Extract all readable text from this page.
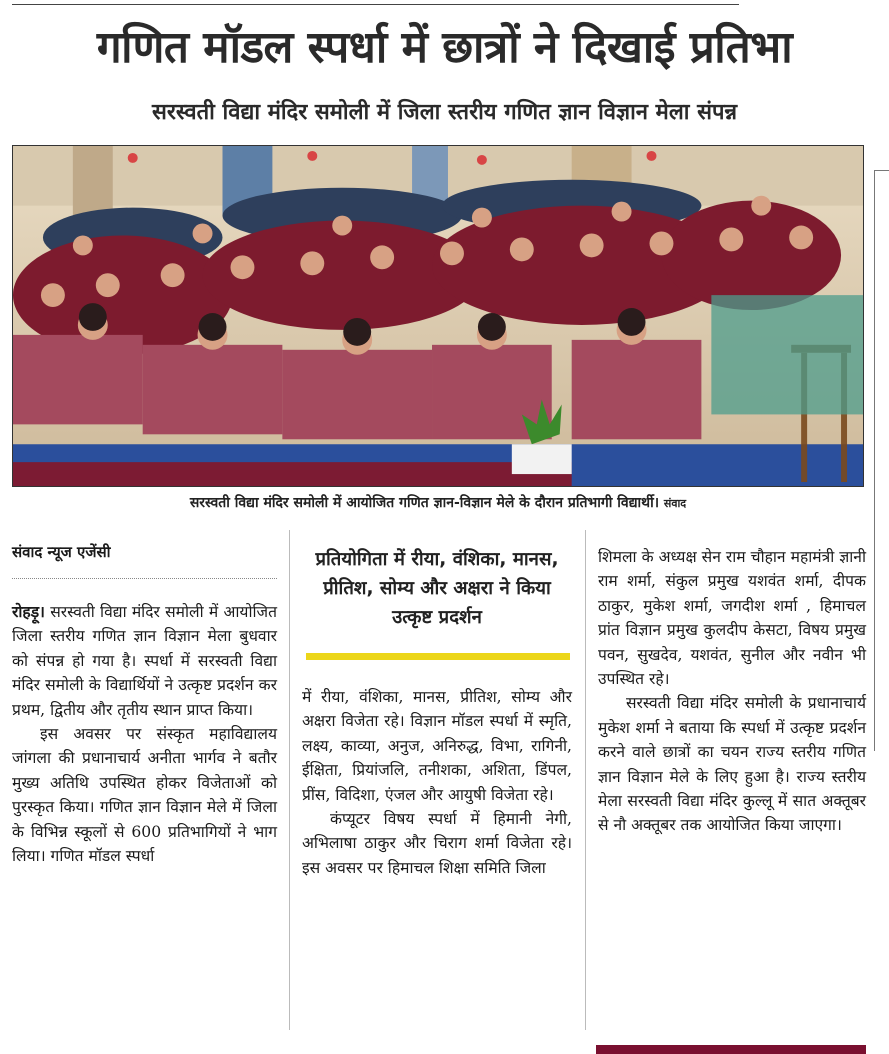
गणित मॉडल स्पर्धा में छात्रों ने दिखाई प्रतिभा
सरस्वती विद्या मंदिर समोली में जिला स्तरीय गणित ज्ञान विज्ञान मेला संपन्न

सरस्वती विद्या मंदिर समोली में आयोजित गणित ज्ञान-विज्ञान मेले के दौरान प्रतिभागी विद्यार्थी। संवाद

संवाद न्यूज एजेंसी

रोहड़ू। सरस्वती विद्या मंदिर समोली में आयोजित जिला स्तरीय गणित ज्ञान विज्ञान मेला बुधवार को संपन्न हो गया है। स्पर्धा में सरस्वती विद्या मंदिर समोली के विद्यार्थियों ने उत्कृष्ट प्रदर्शन कर प्रथम, द्वितीय और तृतीय स्थान प्राप्त किया।

इस अवसर पर संस्कृत महाविद्यालय जांगला की प्रधानाचार्य अनीता भार्गव ने बतौर मुख्य अतिथि उपस्थित होकर विजेताओं को पुरस्कृत किया। गणित ज्ञान विज्ञान मेले में जिला के विभिन्न स्कूलों से 600 प्रतिभागियों ने भाग लिया। गणित मॉडल स्पर्धा

प्रतियोगिता में रीया, वंशिका, मानस, प्रीतिश, सोम्य और अक्षरा ने किया उत्कृष्ट प्रदर्शन

में रीया, वंशिका, मानस, प्रीतिश, सोम्य और अक्षरा विजेता रहे। विज्ञान मॉडल स्पर्धा में स्मृति, लक्ष्य, काव्या, अनुज, अनिरुद्ध, विभा, रागिनी, ईक्षिता, प्रियांजलि, तनीशका, अशिता, डिंपल, प्रींस, विदिशा, एंजल और आयुषी विजेता रहे।

कंप्यूटर विषय स्पर्धा में हिमानी नेगी, अभिलाषा ठाकुर और चिराग शर्मा विजेता रहे। इस अवसर पर हिमाचल शिक्षा समिति जिला

शिमला के अध्यक्ष सेन राम चौहान महामंत्री ज्ञानी राम शर्मा, संकुल प्रमुख यशवंत शर्मा, दीपक ठाकुर, मुकेश शर्मा, जगदीश शर्मा , हिमाचल प्रांत विज्ञान प्रमुख कुलदीप केसटा, विषय प्रमुख पवन, सुखदेव, यशवंत, सुनील और नवीन भी उपस्थित रहे।

सरस्वती विद्या मंदिर समोली के प्रधानाचार्य मुकेश शर्मा ने बताया कि स्पर्धा में उत्कृष्ट प्रदर्शन करने वाले छात्रों का चयन राज्य स्तरीय गणित ज्ञान विज्ञान मेले के लिए हुआ है। राज्य स्तरीय मेला सरस्वती विद्या मंदिर कुल्लू में सात अक्तूबर से नौ अक्तूबर तक आयोजित किया जाएगा।
